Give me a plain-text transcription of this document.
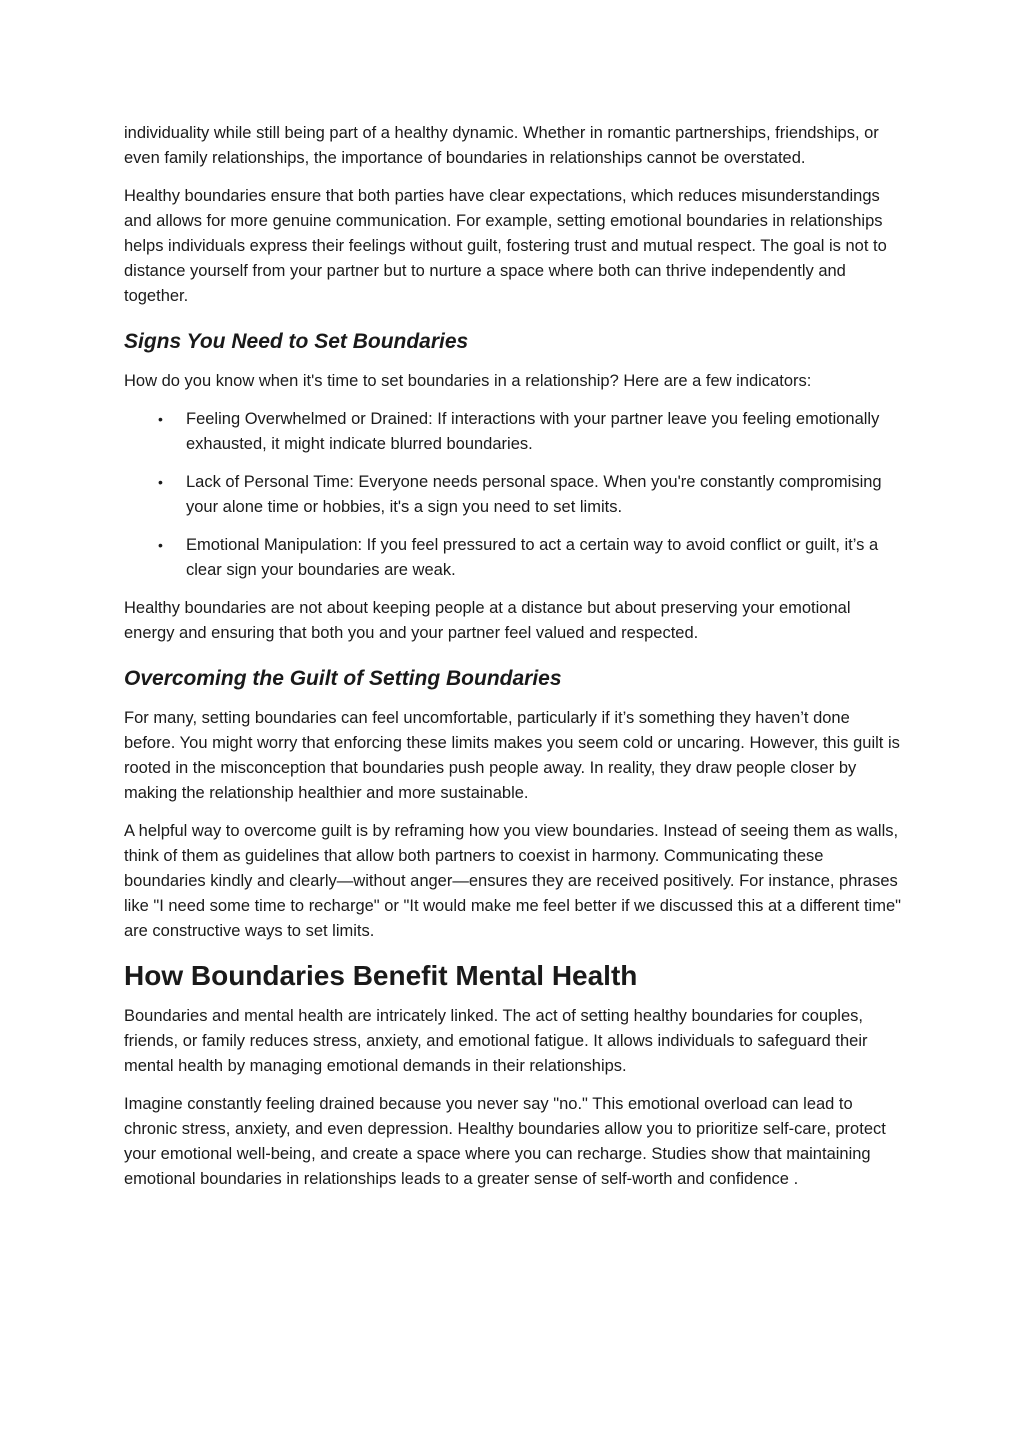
individuality while still being part of a healthy dynamic. Whether in romantic partnerships, friendships, or even family relationships, the importance of boundaries in relationships cannot be overstated.

Healthy boundaries ensure that both parties have clear expectations, which reduces misunderstandings and allows for more genuine communication. For example, setting emotional boundaries in relationships helps individuals express their feelings without guilt, fostering trust and mutual respect. The goal is not to distance yourself from your partner but to nurture a space where both can thrive independently and together.

Signs You Need to Set Boundaries

How do you know when it's time to set boundaries in a relationship? Here are a few indicators:

• Feeling Overwhelmed or Drained: If interactions with your partner leave you feeling emotionally exhausted, it might indicate blurred boundaries.
• Lack of Personal Time: Everyone needs personal space. When you're constantly compromising your alone time or hobbies, it's a sign you need to set limits.
• Emotional Manipulation: If you feel pressured to act a certain way to avoid conflict or guilt, it’s a clear sign your boundaries are weak.

Healthy boundaries are not about keeping people at a distance but about preserving your emotional energy and ensuring that both you and your partner feel valued and respected.

Overcoming the Guilt of Setting Boundaries

For many, setting boundaries can feel uncomfortable, particularly if it’s something they haven’t done before. You might worry that enforcing these limits makes you seem cold or uncaring. However, this guilt is rooted in the misconception that boundaries push people away. In reality, they draw people closer by making the relationship healthier and more sustainable.

A helpful way to overcome guilt is by reframing how you view boundaries. Instead of seeing them as walls, think of them as guidelines that allow both partners to coexist in harmony. Communicating these boundaries kindly and clearly—without anger—ensures they are received positively. For instance, phrases like "I need some time to recharge" or "It would make me feel better if we discussed this at a different time" are constructive ways to set limits.

How Boundaries Benefit Mental Health

Boundaries and mental health are intricately linked. The act of setting healthy boundaries for couples, friends, or family reduces stress, anxiety, and emotional fatigue. It allows individuals to safeguard their mental health by managing emotional demands in their relationships.

Imagine constantly feeling drained because you never say "no." This emotional overload can lead to chronic stress, anxiety, and even depression. Healthy boundaries allow you to prioritize self-care, protect your emotional well-being, and create a space where you can recharge. Studies show that maintaining emotional boundaries in relationships leads to a greater sense of self-worth and confidence .
